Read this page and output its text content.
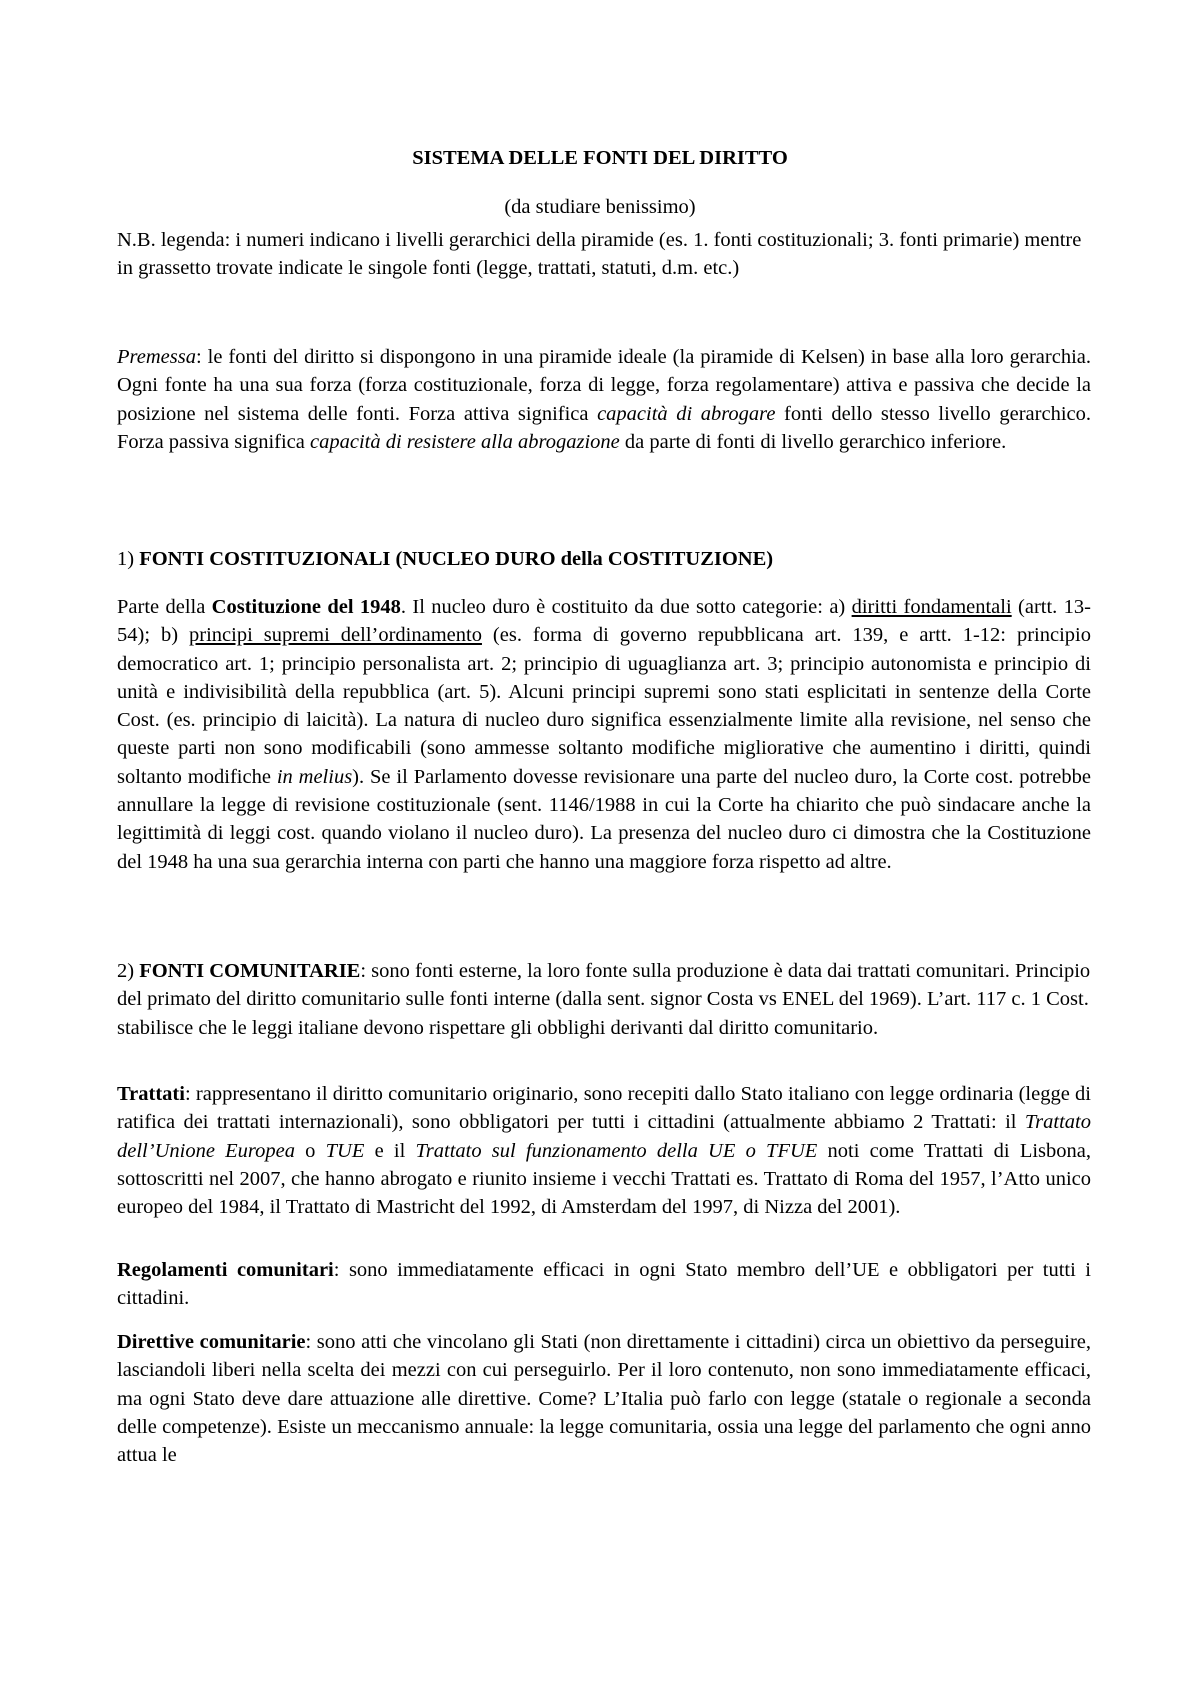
SISTEMA DELLE FONTI DEL DIRITTO
(da studiare benissimo)

N.B. legenda: i numeri indicano i livelli gerarchici della piramide (es. 1. fonti costituzionali; 3. fonti primarie) mentre in grassetto trovate indicate le singole fonti (legge, trattati, statuti, d.m. etc.)

Premessa: le fonti del diritto si dispongono in una piramide ideale (la piramide di Kelsen) in base alla loro gerarchia. Ogni fonte ha una sua forza (forza costituzionale, forza di legge, forza regolamentare) attiva e passiva che decide la posizione nel sistema delle fonti. Forza attiva significa capacità di abrogare fonti dello stesso livello gerarchico. Forza passiva significa capacità di resistere alla abrogazione da parte di fonti di livello gerarchico inferiore.

1) FONTI COSTITUZIONALI (NUCLEO DURO della COSTITUZIONE)

Parte della Costituzione del 1948. Il nucleo duro è costituito da due sotto categorie: a) diritti fondamentali (artt. 13-54); b) principi supremi dell’ordinamento (es. forma di governo repubblicana art. 139, e artt. 1-12: principio democratico art. 1; principio personalista art. 2; principio di uguaglianza art. 3; principio autonomista e principio di unità e indivisibilità della repubblica (art. 5). Alcuni principi supremi sono stati esplicitati in sentenze della Corte Cost. (es. principio di laicità). La natura di nucleo duro significa essenzialmente limite alla revisione, nel senso che queste parti non sono modificabili (sono ammesse soltanto modifiche migliorative che aumentino i diritti, quindi soltanto modifiche in melius). Se il Parlamento dovesse revisionare una parte del nucleo duro, la Corte cost. potrebbe annullare la legge di revisione costituzionale (sent. 1146/1988 in cui la Corte ha chiarito che può sindacare anche la legittimità di leggi cost. quando violano il nucleo duro). La presenza del nucleo duro ci dimostra che la Costituzione del 1948 ha una sua gerarchia interna con parti che hanno una maggiore forza rispetto ad altre.

2) FONTI COMUNITARIE: sono fonti esterne, la loro fonte sulla produzione è data dai trattati comunitari. Principio del primato del diritto comunitario sulle fonti interne (dalla sent. signor Costa vs ENEL del 1969). L’art. 117 c. 1 Cost. stabilisce che le leggi italiane devono rispettare gli obblighi derivanti dal diritto comunitario.

Trattati: rappresentano il diritto comunitario originario, sono recepiti dallo Stato italiano con legge ordinaria (legge di ratifica dei trattati internazionali), sono obbligatori per tutti i cittadini (attualmente abbiamo 2 Trattati: il Trattato dell’Unione Europea o TUE e il Trattato sul funzionamento della UE o TFUE noti come Trattati di Lisbona, sottoscritti nel 2007, che hanno abrogato e riunito insieme i vecchi Trattati es. Trattato di Roma del 1957, l’Atto unico europeo del 1984, il Trattato di Mastricht del 1992, di Amsterdam del 1997, di Nizza del 2001).

Regolamenti comunitari: sono immediatamente efficaci in ogni Stato membro dell’UE e obbligatori per tutti i cittadini.

Direttive comunitarie: sono atti che vincolano gli Stati (non direttamente i cittadini) circa un obiettivo da perseguire, lasciandoli liberi nella scelta dei mezzi con cui perseguirlo. Per il loro contenuto, non sono immediatamente efficaci, ma ogni Stato deve dare attuazione alle direttive. Come? L’Italia può farlo con legge (statale o regionale a seconda delle competenze). Esiste un meccanismo annuale: la legge comunitaria, ossia una legge del parlamento che ogni anno attua le
